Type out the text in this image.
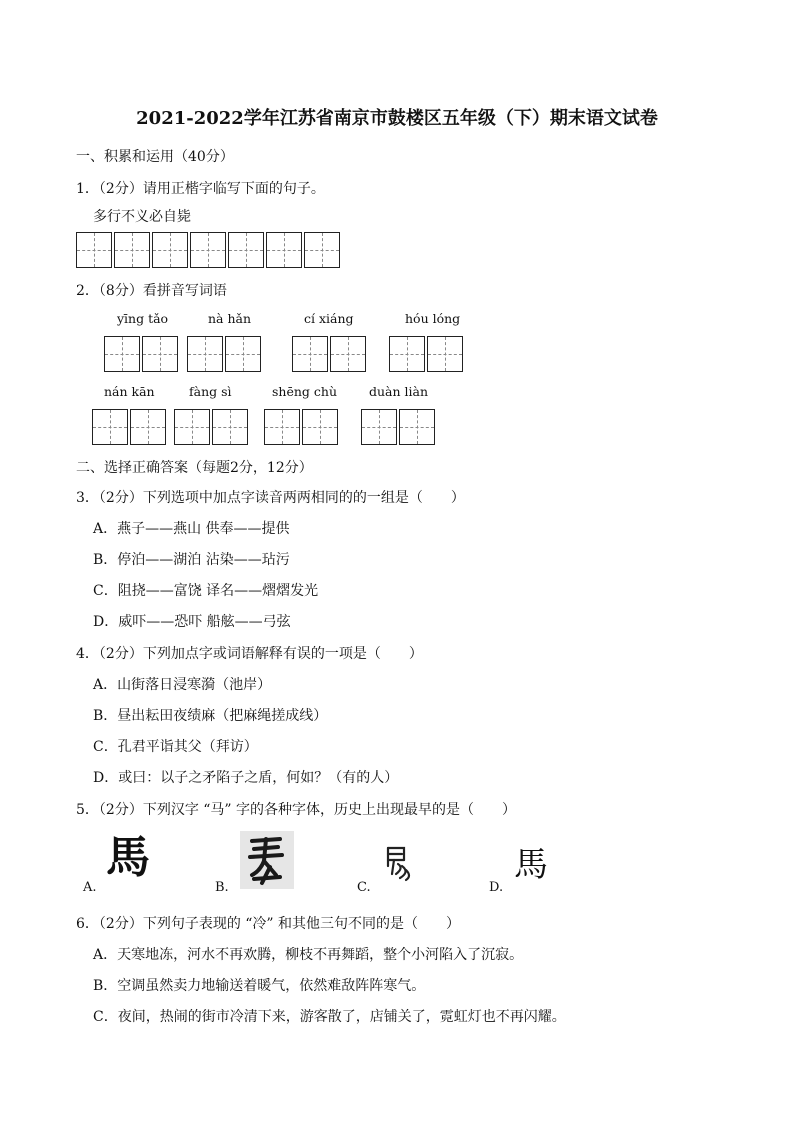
2021-2022学年江苏省南京市鼓楼区五年级（下）期末语文试卷
一、积累和运用（40分）
1．（2分）请用正楷字临写下面的句子。
多行不义必自毙
2．（8分）看拼音写词语
yīng tǎo	nà hǎn	cí xiáng	hóu lóng
nán kān	fàng sì	shēng chù	duàn liàn
二、选择正确答案（每题2分，12分）
3．（2分）下列选项中加点字读音两两相同的的一组是（　　）
A．燕子——燕山 供奉——提供
B．停泊——湖泊 沾染——玷污
C．阻挠——富饶 译名——熠熠发光
D．威吓——恐吓 船舷——弓弦
4．（2分）下列加点字或词语解释有误的一项是（　　）
A．山街落日浸寒漪（池岸）
B．昼出耘田夜绩麻（把麻绳搓成线）
C．孔君平诣其父（拜访）
D．或曰：以子之矛陷子之盾，何如？（有的人）
5．（2分）下列汉字 “马” 字的各种字体，历史上出现最早的是（　　）
A.
馬
B.	C.	D.
馬
6．（2分）下列句子表现的 “冷” 和其他三句不同的是（　　）
A．天寒地冻，河水不再欢腾，柳枝不再舞蹈，整个小河陷入了沉寂。
B．空调虽然卖力地输送着暖气，依然难敌阵阵寒气。
C．夜间，热闹的街市冷清下来，游客散了，店铺关了，霓虹灯也不再闪耀。
